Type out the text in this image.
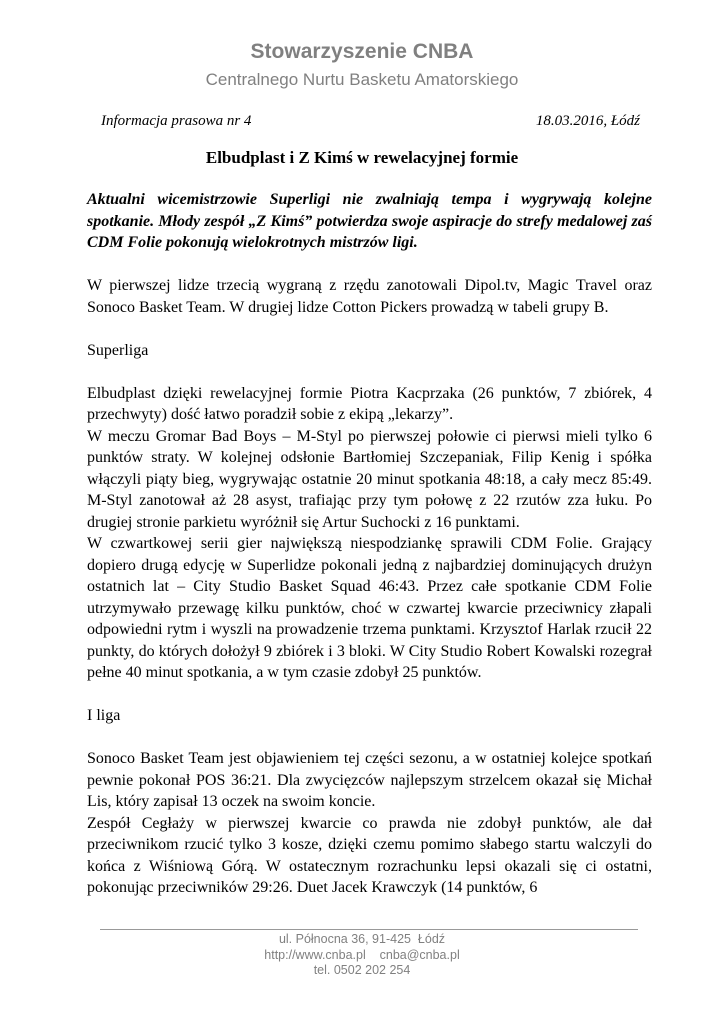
Stowarzyszenie CNBA
Centralnego Nurtu Basketu Amatorskiego
Informacja prasowa nr 4	18.03.2016, Łódź
Elbudplast i Z Kimś w rewelacyjnej formie

Aktualni wicemistrzowie Superligi nie zwalniają tempa i wygrywają kolejne spotkanie. Młody zespół „Z Kimś” potwierdza swoje aspiracje do strefy medalowej zaś CDM Folie pokonują wielokrotnych mistrzów ligi.

W pierwszej lidze trzecią wygraną z rzędu zanotowali Dipol.tv, Magic Travel oraz Sonoco Basket Team. W drugiej lidze Cotton Pickers prowadzą w tabeli grupy B.

Superliga

Elbudplast dzięki rewelacyjnej formie Piotra Kacprzaka (26 punktów, 7 zbiórek, 4 przechwyty) dość łatwo poradził sobie z ekipą „lekarzy”.

W meczu Gromar Bad Boys – M-Styl po pierwszej połowie ci pierwsi mieli tylko 6 punktów straty. W kolejnej odsłonie Bartłomiej Szczepaniak, Filip Kenig i spółka włączyli piąty bieg, wygrywając ostatnie 20 minut spotkania 48:18, a cały mecz 85:49. M-Styl zanotował aż 28 asyst, trafiając przy tym połowę z 22 rzutów zza łuku. Po drugiej stronie parkietu wyróżnił się Artur Suchocki z 16 punktami.

W czwartkowej serii gier największą niespodziankę sprawili CDM Folie. Grający dopiero drugą edycję w Superlidze pokonali jedną z najbardziej dominujących drużyn ostatnich lat – City Studio Basket Squad 46:43. Przez całe spotkanie CDM Folie utrzymywało przewagę kilku punktów, choć w czwartej kwarcie przeciwnicy złapali odpowiedni rytm i wyszli na prowadzenie trzema punktami. Krzysztof Harlak rzucił 22 punkty, do których dołożył 9 zbiórek i 3 bloki. W City Studio Robert Kowalski rozegrał pełne 40 minut spotkania, a w tym czasie zdobył 25 punktów.

I liga

Sonoco Basket Team jest objawieniem tej części sezonu, a w ostatniej kolejce spotkań pewnie pokonał POS 36:21. Dla zwycięzców najlepszym strzelcem okazał się Michał Lis, który zapisał 13 oczek na swoim koncie.

Zespół Cegłaży w pierwszej kwarcie co prawda nie zdobył punktów, ale dał przeciwnikom rzucić tylko 3 kosze, dzięki czemu pomimo słabego startu walczyli do końca z Wiśniową Górą. W ostatecznym rozrachunku lepsi okazali się ci ostatni, pokonując przeciwników 29:26. Duet Jacek Krawczyk (14 punktów, 6

ul. Północna 36, 91-425  Łódź
http://www.cnba.pl    cnba@cnba.pl
tel. 0502 202 254
